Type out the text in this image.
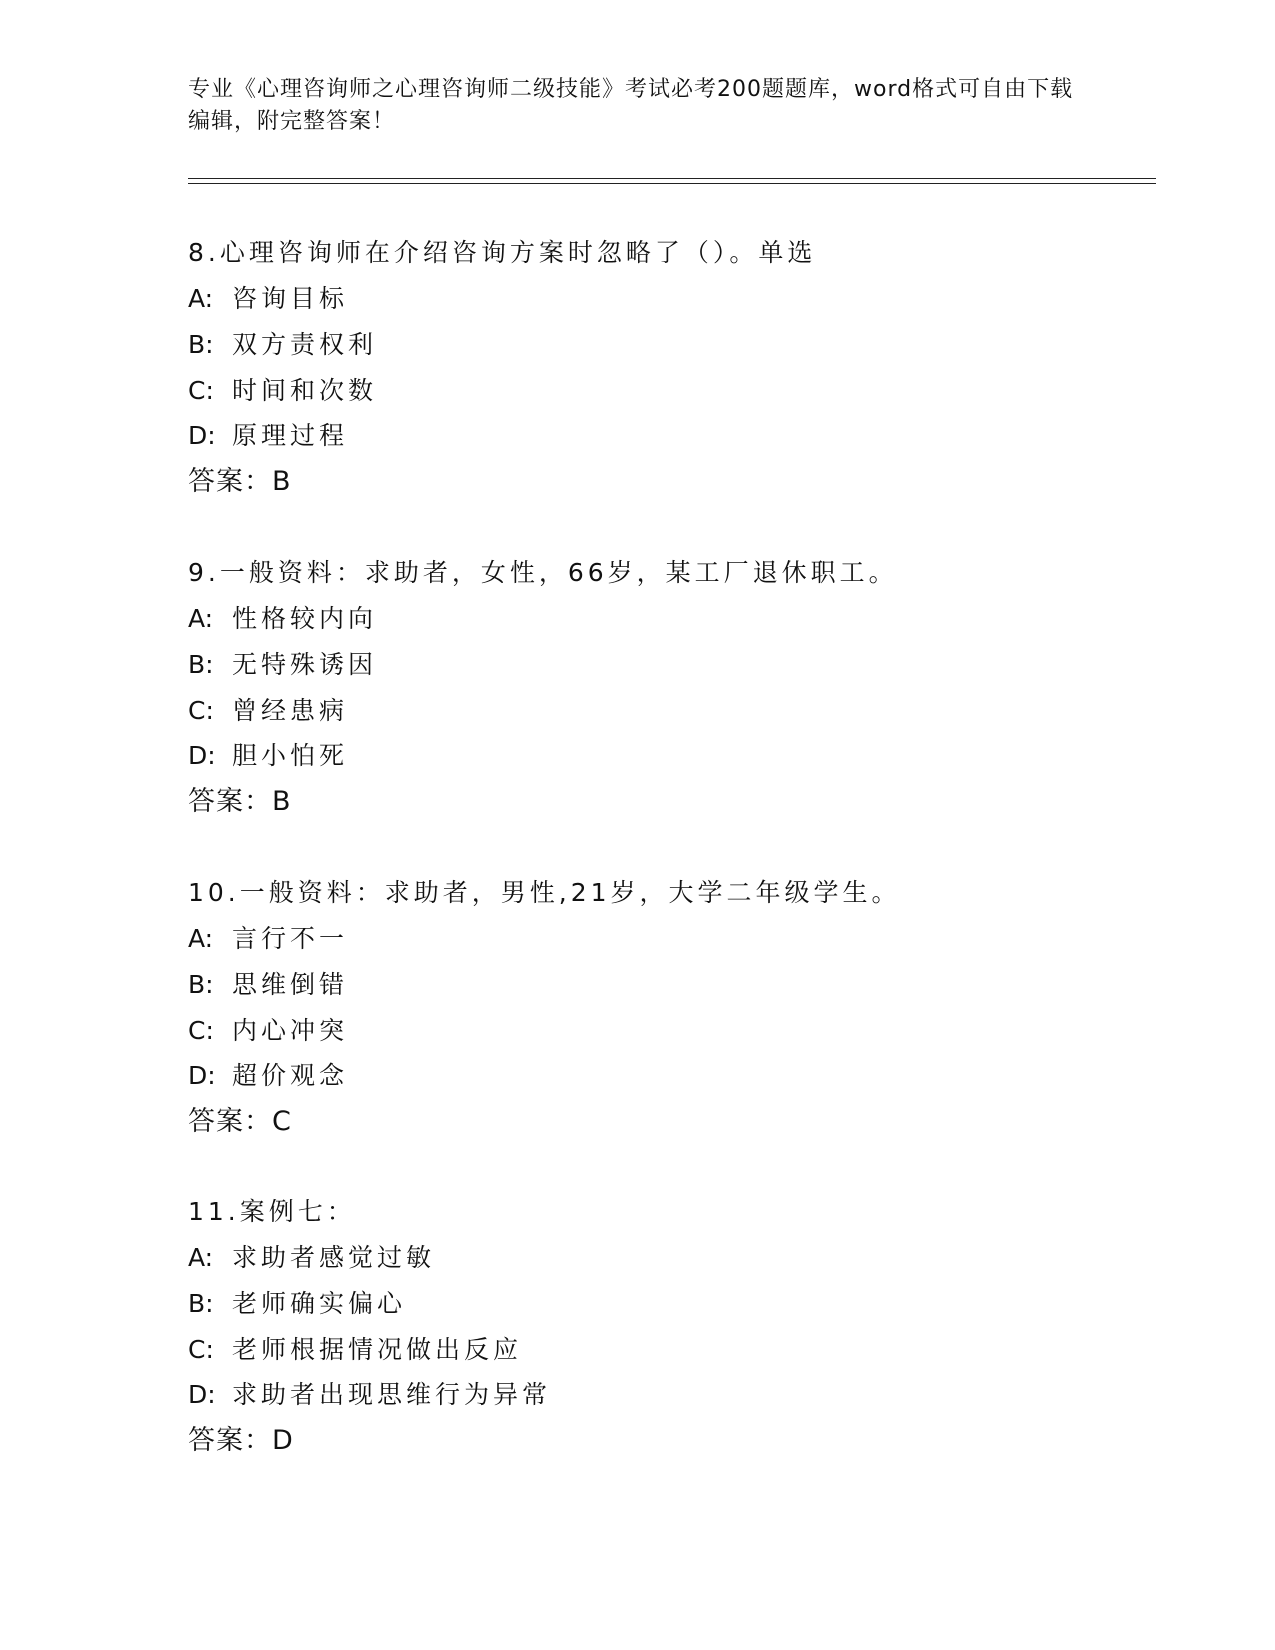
专业《心理咨询师之心理咨询师二级技能》考试必考200题题库，word格式可自由下载编辑，附完整答案！
8.心理咨询师在介绍咨询方案时忽略了（）。单选
A: 咨询目标
B: 双方责权利
C: 时间和次数
D: 原理过程
答案：B
9.一般资料：求助者，女性，66岁，某工厂退休职工。
A: 性格较内向
B: 无特殊诱因
C: 曾经患病
D: 胆小怕死
答案：B
10.一般资料：求助者，男性,21岁，大学二年级学生。
A: 言行不一
B: 思维倒错
C: 内心冲突
D: 超价观念
答案：C
11.案例七：
A: 求助者感觉过敏
B: 老师确实偏心
C: 老师根据情况做出反应
D: 求助者出现思维行为异常
答案：D
